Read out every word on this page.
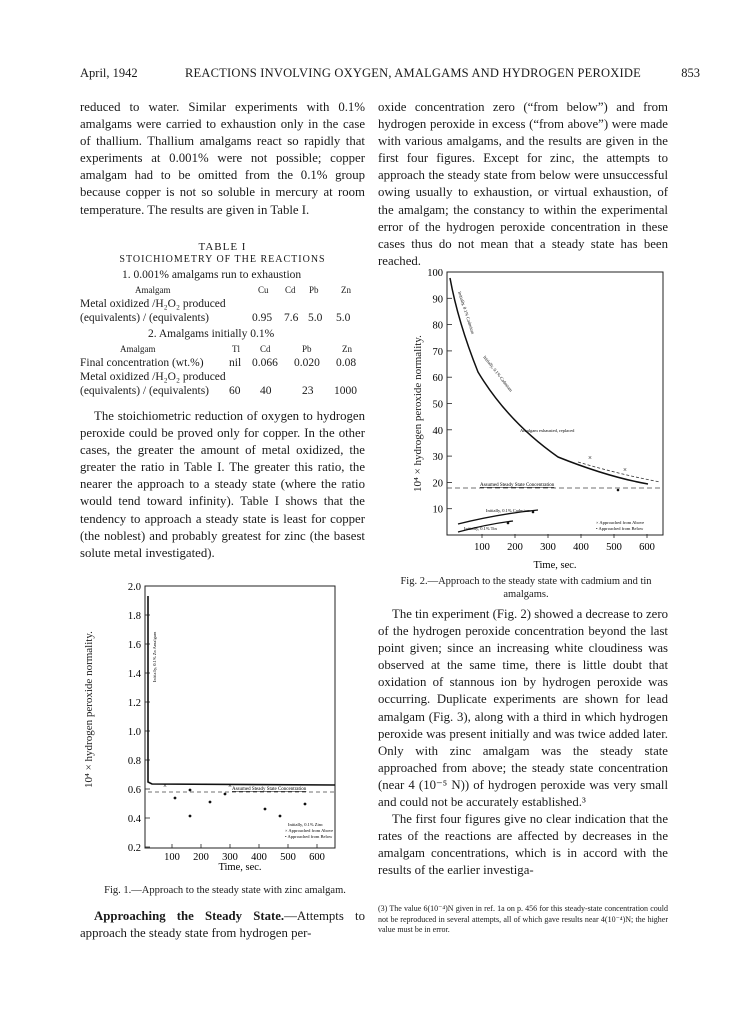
April, 1942	REACTIONS INVOLVING OXYGEN, AMALGAMS AND HYDROGEN PEROXIDE	853

reduced to water. Similar experiments with 0.1% amalgams were carried to exhaustion only in the case of thallium. Thallium amalgams react so rapidly that experiments at 0.001% were not possible; copper amalgam had to be omitted from the 0.1% group because copper is not so soluble in mercury at room temperature. The results are given in Table I.

TABLE I
STOICHIOMETRY OF THE REACTIONS
1. 0.001% amalgams run to exhaustion
Amalgam	Cu Cd Pb Zn
Metal oxidized /H₂O₂ produced
(equivalents) / (equivalents)	0.95 7.6 5.0 5.0
2. Amalgams initially 0.1%
Amalgam	Tl Cd	Pb	Zn
Final concentration (wt.%) nil 0.066 0.020 0.08
Metal oxidized /H₂O₂ produced
(equivalents) / (equivalents) 60 40	23 1000

The stoichiometric reduction of oxygen to hydrogen peroxide could be proved only for copper. In the other cases, the greater the amount of metal oxidized, the greater the ratio in Table I. The greater this ratio, the nearer the approach to a steady state (where the ratio would tend toward infinity). Table I shows that the tendency to approach a steady state is least for copper (the noblest) and probably greatest for zinc (the basest solute metal investigated).

10⁴ × hydrogen peroxide normality.
2.0
1.8
1.6
1.4
1.2
1.0
0.8
0.6
0.4
0.2
100 200 300 400 500 600
×
×
Initially, 0.1% Zn Amalgam
Assumed Steady State Concentration
Initially, 0.1% Zinc
× Approached from Above
• Approached from Below
Time, sec.
Fig. 1.—Approach to the steady state with zinc amalgam.

Approaching the Steady State.—Attempts to approach the steady state from hydrogen per-

oxide concentration zero (“from below”) and from hydrogen peroxide in excess (“from above”) were made with various amalgams, and the results are given in the first four figures. Except for zinc, the attempts to approach the steady state from below were unsuccessful owing usually to exhaustion, or virtual exhaustion, of the amalgam; the constancy to within the experimental error of the hydrogen peroxide concentration in these cases thus do not mean that a steady state has been reached.

10⁴ × hydrogen peroxide normality.
100
90
80
70
60
50
40
30
20
10
100 200 300 400 500 600
×
×
Initially, 0.1% Cadmium
Initially, 0.1% Cadmium
Amalgam exhausted, replaced
Assumed Steady State Concentration
Initially, 0.1% Cadmium
Initially, 0.1% Tin
× Approached from Above
• Approached from Below
Time, sec.
Fig. 2.—Approach to the steady state with cadmium and tin amalgams.

The tin experiment (Fig. 2) showed a decrease to zero of the hydrogen peroxide concentration beyond the last point given; since an increasing white cloudiness was observed at the same time, there is little doubt that oxidation of stannous ion by hydrogen peroxide was occurring. Duplicate experiments are shown for lead amalgam (Fig. 3), along with a third in which hydrogen peroxide was present initially and was twice added later. Only with zinc amalgam was the steady state approached from above; the steady state concentration (near 4 (10⁻⁵ N)) of hydrogen peroxide was very small and could not be accurately established.³

The first four figures give no clear indication that the rates of the reactions are affected by decreases in the amalgam concentrations, which is in accord with the results of the earlier investiga-

(3) The value 6(10⁻⁴)N given in ref. 1a on p. 456 for this steady-state concentration could not be reproduced in several attempts, all of which gave results near 4(10⁻⁴)N; the higher value must be in error.
